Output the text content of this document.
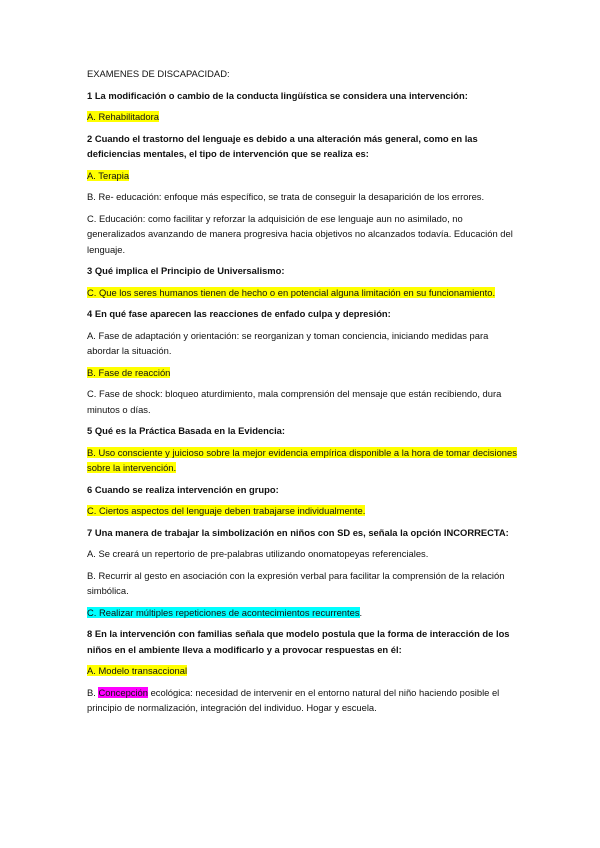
EXAMENES DE DISCAPACIDAD:

1 La modificación o cambio de la conducta lingüística se considera una intervención:

A. Rehabilitadora

2 Cuando el trastorno del lenguaje es debido a una alteración más general, como en las deficiencias mentales, el tipo de intervención que se realiza es:

A. Terapia

B. Re- educación: enfoque más específico, se trata de conseguir la desaparición de los errores.

C. Educación: como facilitar y reforzar la adquisición de ese lenguaje aun no asimilado, no generalizados avanzando de manera progresiva hacia objetivos no alcanzados todavía. Educación del lenguaje.

3 Qué implica el Principio de Universalismo:

C. Que los seres humanos tienen de hecho o en potencial alguna limitación en su funcionamiento.

4 En qué fase aparecen las reacciones de enfado culpa y depresión:

A. Fase de adaptación y orientación: se reorganizan y toman conciencia, iniciando medidas para abordar la situación.

B. Fase de reacción

C. Fase de shock: bloqueo aturdimiento, mala comprensión del mensaje que están recibiendo, dura minutos o días.

5 Qué es la Práctica Basada en la Evidencia:

B. Uso consciente y juicioso sobre la mejor evidencia empírica disponible a la hora de tomar decisiones sobre la intervención.

6 Cuando se realiza intervención en grupo:

C. Ciertos aspectos del lenguaje deben trabajarse individualmente.

7 Una manera de trabajar la simbolización en niños con SD es, señala la opción INCORRECTA:

A. Se creará un repertorio de pre-palabras utilizando onomatopeyas referenciales.

B. Recurrir al gesto en asociación con la expresión verbal para facilitar la comprensión de la relación simbólica.

C. Realizar múltiples repeticiones de acontecimientos recurrentes.

8 En la intervención con familias señala que modelo postula que la forma de interacción de los niños en el ambiente lleva a modificarlo y a provocar respuestas en él:

A. Modelo transaccional

B. Concepción ecológica: necesidad de intervenir en el entorno natural del niño haciendo posible el principio de normalización, integración del individuo. Hogar y escuela.
